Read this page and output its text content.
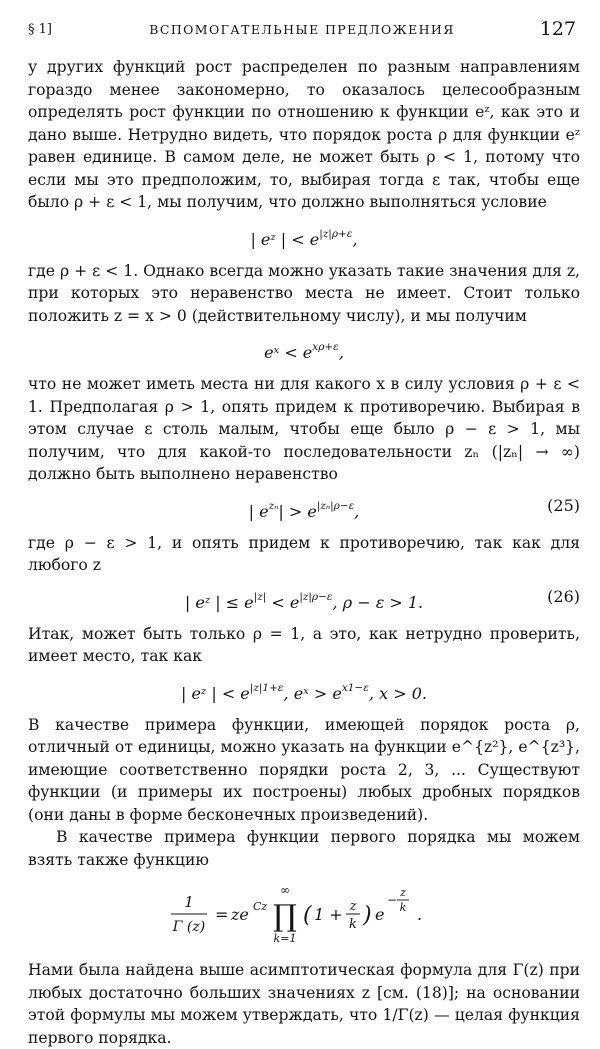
§ 1]	ВСПОМОГАТЕЛЬНЫЕ ПРЕДЛОЖЕНИЯ	127

у других функций рост распределен по разным направлениям гораздо менее закономерно, то оказалось целесообразным определять рост функции по отношению к функции eᶻ, как это и дано выше. Нетрудно видеть, что порядок роста ρ для функции eᶻ равен единице. В самом деле, не может быть ρ < 1, потому что если мы это предположим, то, выбирая тогда ε так, чтобы еще было ρ + ε < 1, мы получим, что должно выполняться условие

| eᶻ | < $e^{|z|\rho+\varepsilon}$,

где ρ + ε < 1. Однако всегда можно указать такие значения для z, при которых это неравенство места не имеет. Стоит только положить z = x > 0 (действительному числу), и мы получим

eˣ < $e^{x\rho+\varepsilon}$,

что не может иметь места ни для какого x в силу условия ρ + ε < 1. Предполагая ρ > 1, опять придем к противоречию. Выбирая в этом случае ε столь малым, чтобы еще было ρ − ε > 1, мы получим, что для какой-то последовательности zₙ (|zₙ| → ∞) должно быть выполнено неравенство

| $e^{z_n}| > e^{|z_n|\rho-\varepsilon}$,	(25)

где ρ − ε > 1, и опять придем к противоречию, так как для любого z

| eᶻ | ≤ $e^{|z|} < e^{|z|\rho-\varepsilon}$, ρ − ε > 1.	(26)

Итак, может быть только ρ = 1, а это, как нетрудно проверить, имеет место, так как

| eᶻ | < $e^{|z|1+\varepsilon}$, eˣ > $e^{x1-\varepsilon}$, x > 0.

В качестве примера функции, имеющей порядок роста ρ, отличный от единицы, можно указать на функции e^{z²}, e^{z³}, имеющие соответственно порядки роста 2, 3, ... Существуют функции (и примеры их построены) любых дробных порядков (они даны в форме бесконечных произведений).

В качестве примера функции первого порядка мы можем взять также функцию

1
Γ (z)
= ze Cz
∞
∏
k=1
( 1 + z
k ) e
−
z
k .

Нами была найдена выше асимптотическая формула для Γ(z) при любых достаточно больших значениях z [см. (18)]; на основании этой формулы мы можем утверждать, что 1/Γ(z) — целая функция первого порядка.
